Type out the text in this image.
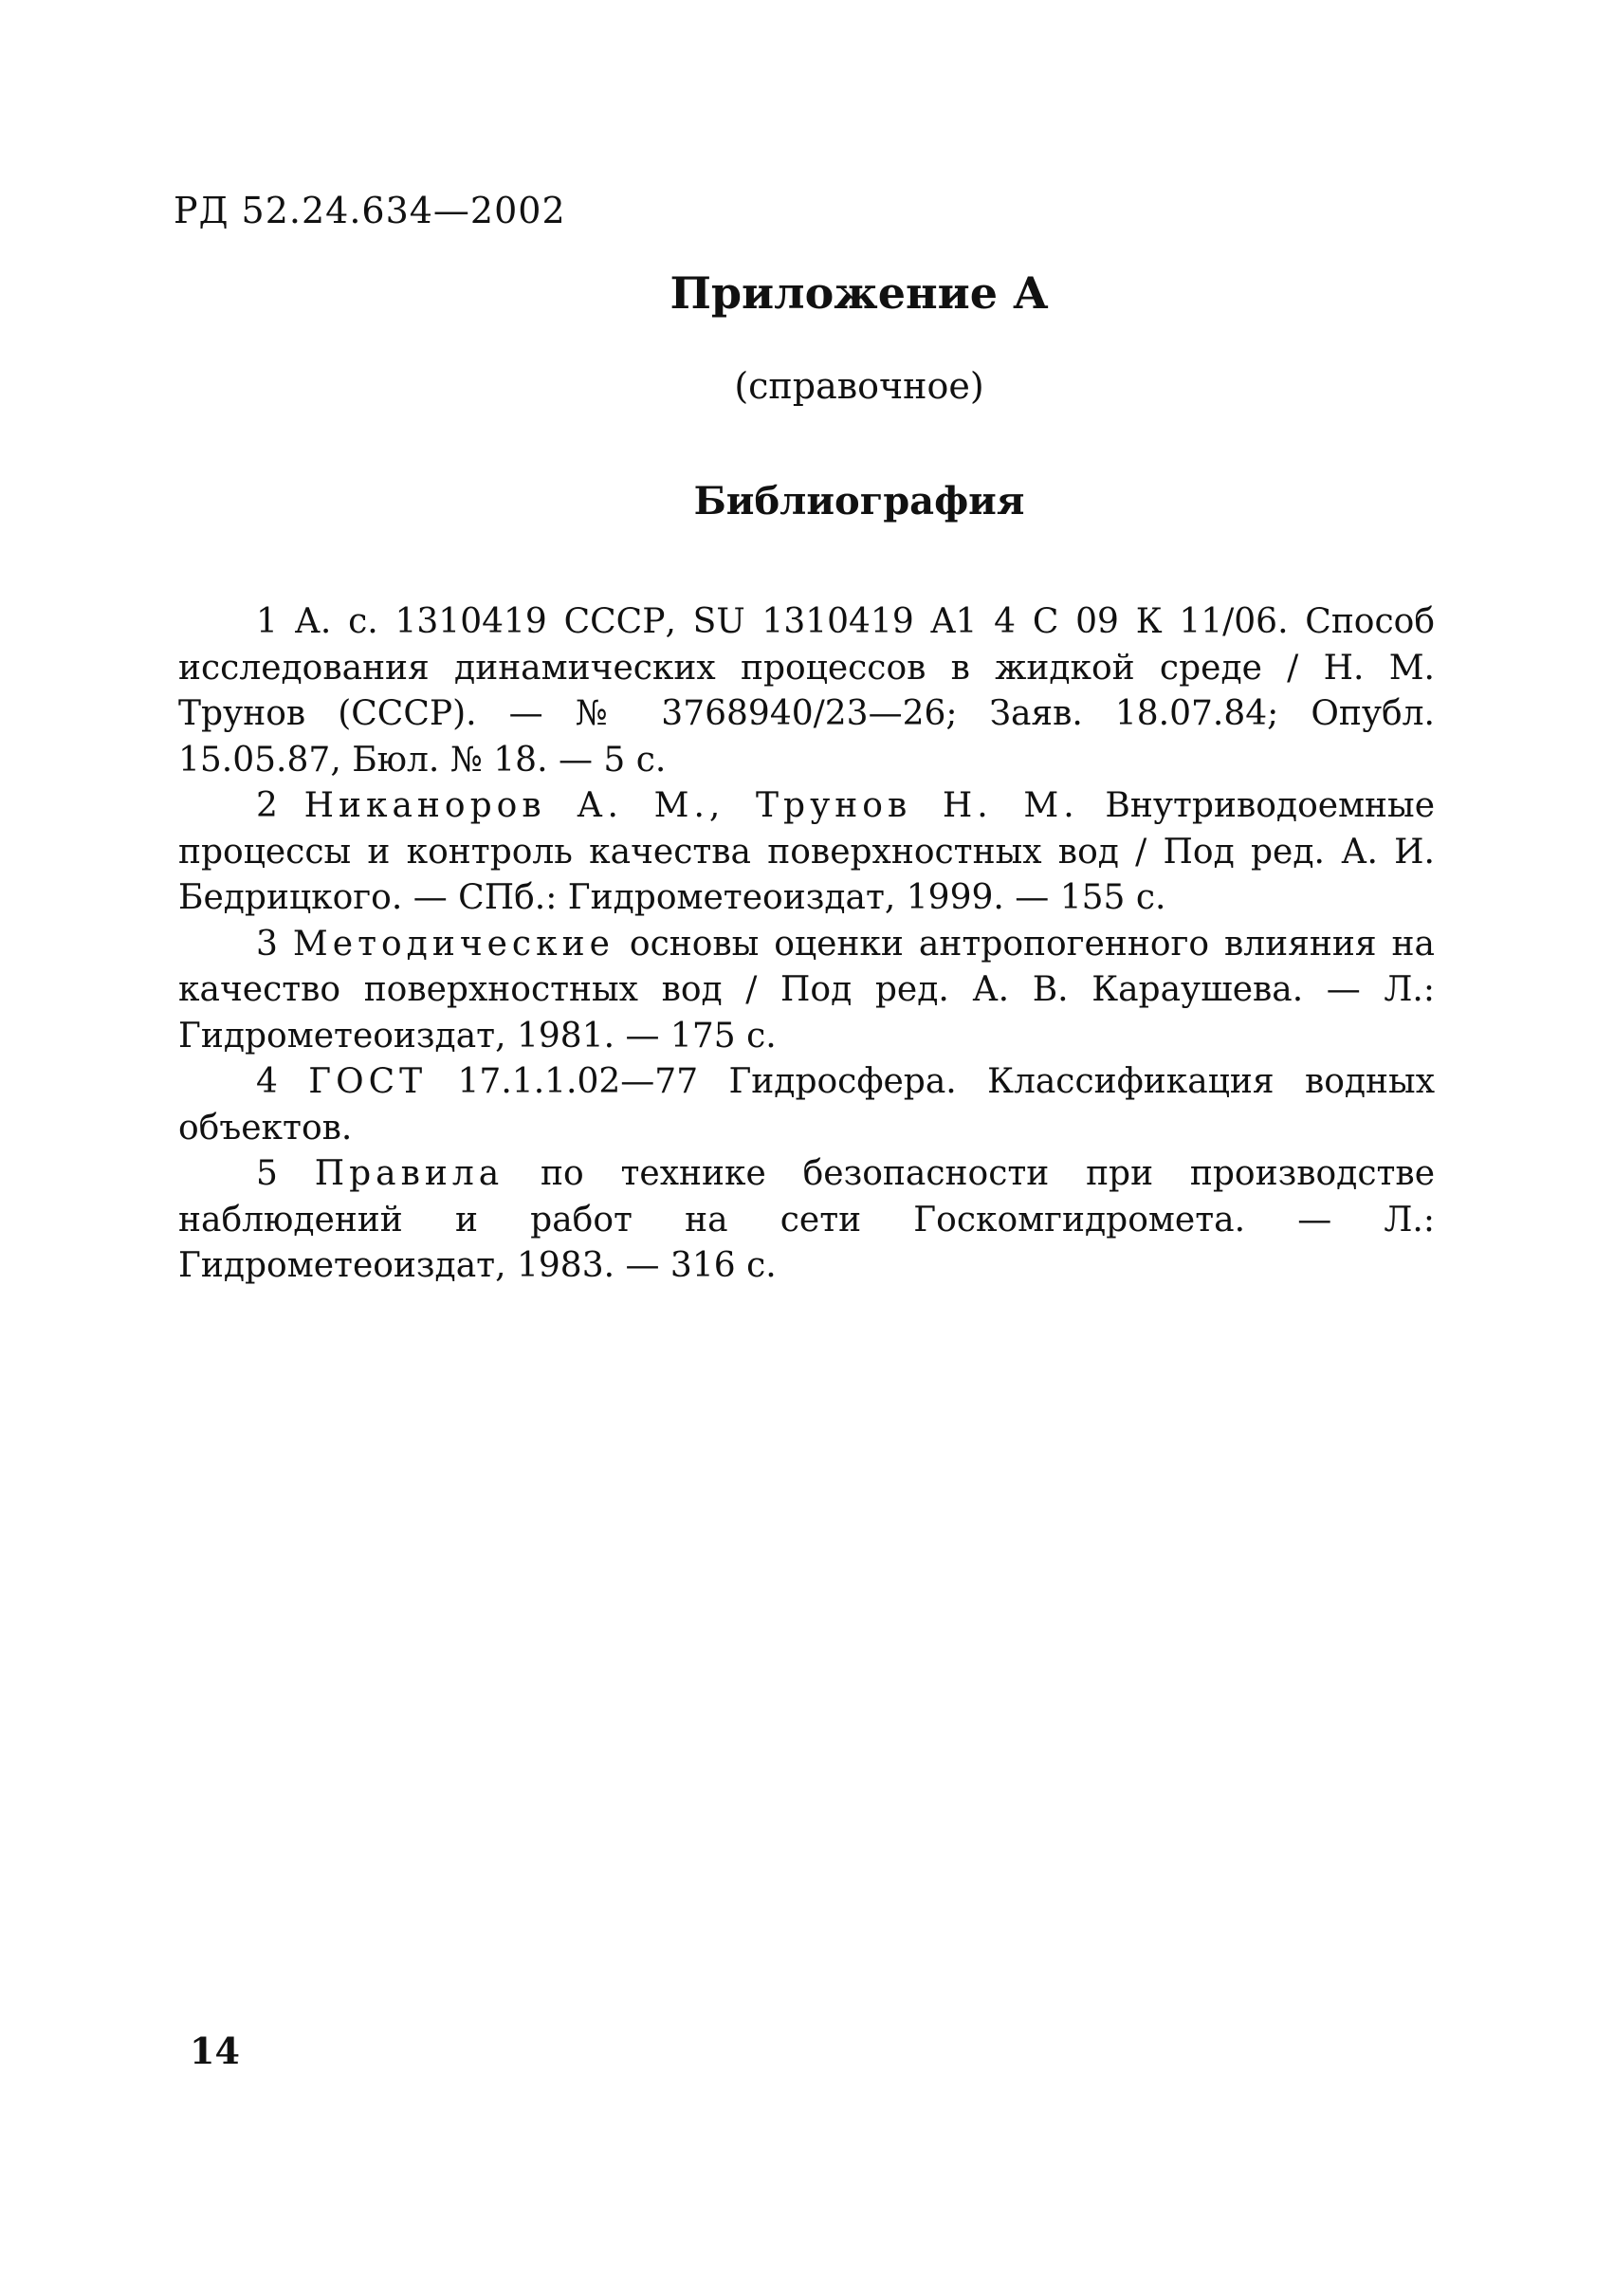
РД 52.24.634—2002
Приложение А
(справочное)
Библиография

1 А. с. 1310419 СССР, SU 1310419 A1 4 С 09 К 11/06. Способ исследования динамических процессов в жидкой среде / Н. М. Трунов (СССР). — № 3768940/23—26; Заяв. 18.07.84; Опубл. 15.05.87, Бюл. № 18. — 5 с.

2 Никаноров А. М., Трунов Н. М. Внутриводоемные процессы и контроль качества поверхностных вод / Под ред. А. И. Бедрицкого. — СПб.: Гидрометеоиздат, 1999. — 155 с.

3 Методические основы оценки антропогенного влияния на качество поверхностных вод / Под ред. А. В. Караушева. — Л.: Гидрометеоиздат, 1981. — 175 с.

4 ГОСТ 17.1.1.02—77 Гидросфера. Классификация водных объектов.

5 Правила по технике безопасности при производстве наблюдений и работ на сети Госкомгидромета. — Л.: Гидрометеоиздат, 1983. — 316 с.

14
